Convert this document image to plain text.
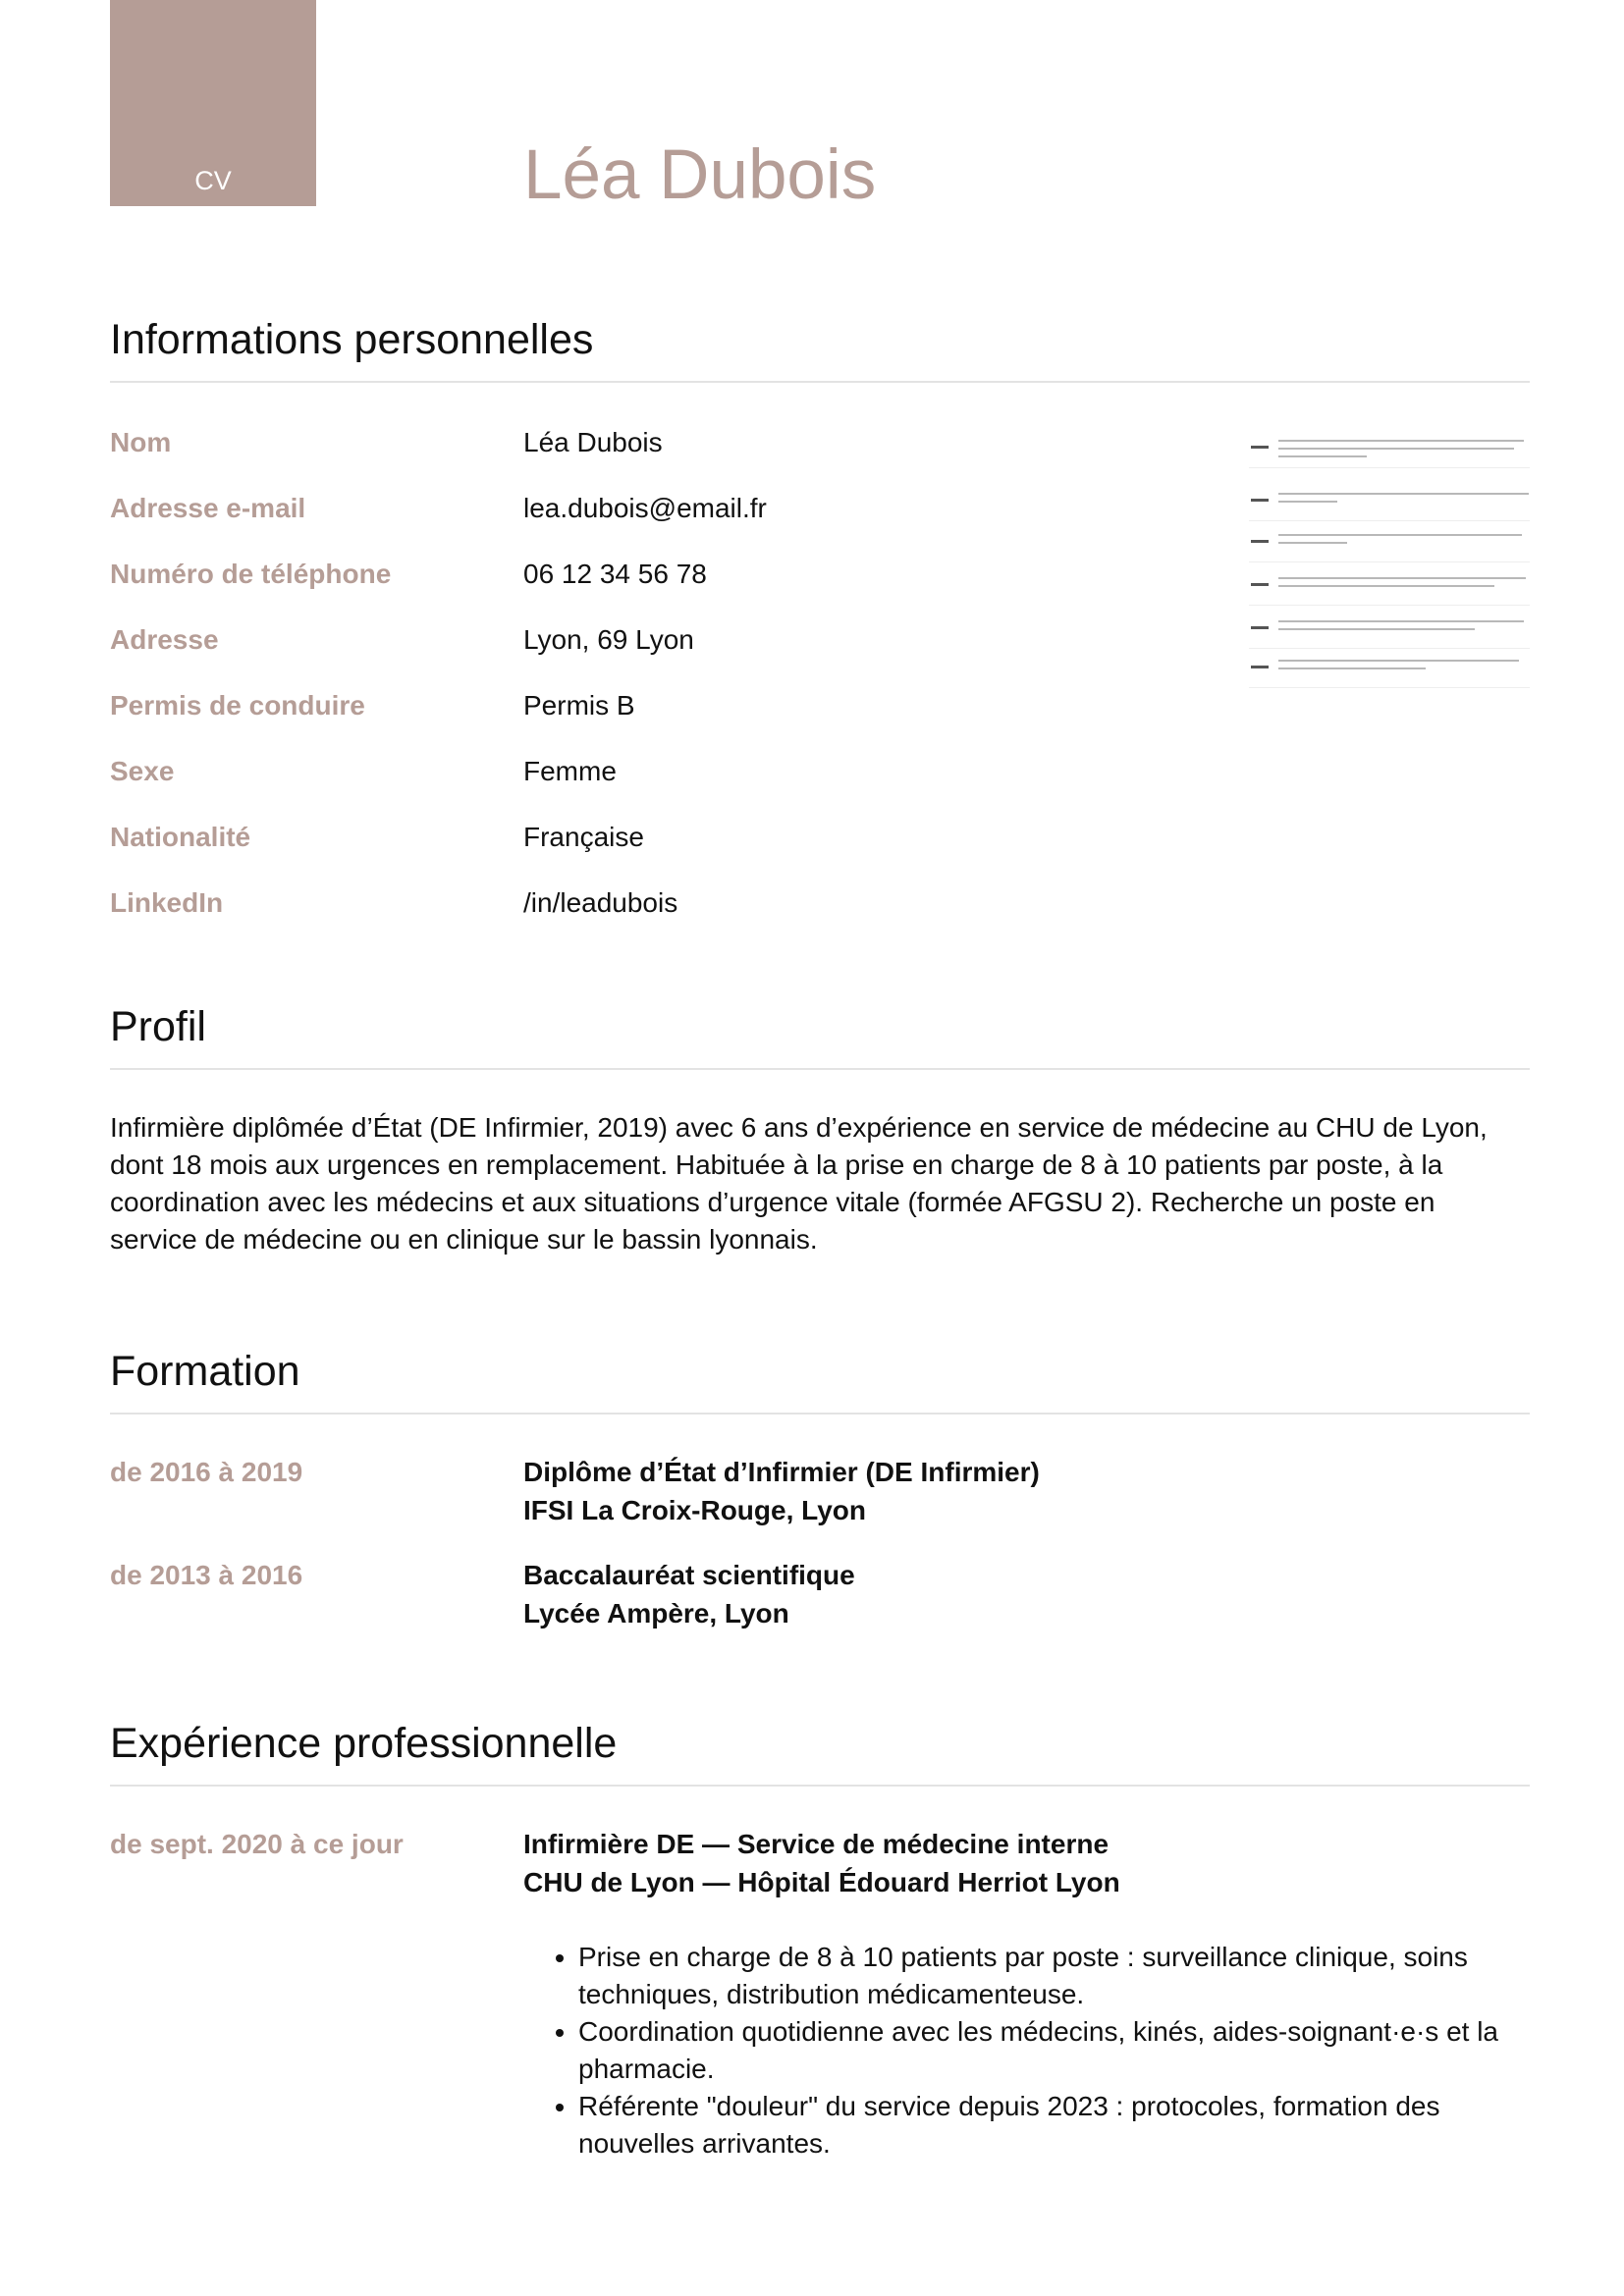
CV	Léa Dubois
Informations personnelles
Nom	Léa Dubois
Adresse e-mail	lea.dubois@email.fr
Numéro de téléphone	06 12 34 56 78
Adresse	Lyon, 69 Lyon
Permis de conduire	Permis B
Sexe	Femme
Nationalité	Française
LinkedIn	/in/leadubois
Profil

Infirmière diplômée d’État (DE Infirmier, 2019) avec 6 ans d’expérience en service de médecine au CHU de Lyon, dont 18 mois aux urgences en remplacement. Habituée à la prise en charge de 8 à 10 patients par poste, à la coordination avec les médecins et aux situations d’urgence vitale (formée AFGSU 2). Recherche un poste en service de médecine ou en clinique sur le bassin lyonnais.

Formation
de 2016 à 2019	Diplôme d’État d’Infirmier (DE Infirmier)
IFSI La Croix-Rouge, Lyon
de 2013 à 2016	Baccalauréat scientifique
Lycée Ampère, Lyon
Expérience professionnelle
de sept. 2020 à ce jour	Infirmière DE — Service de médecine interne
CHU de Lyon — Hôpital Édouard Herriot Lyon
• Prise en charge de 8 à 10 patients par poste : surveillance clinique, soins techniques, distribution médicamenteuse.
• Coordination quotidienne avec les médecins, kinés, aides-soignant·e·s et la pharmacie.
• Référente "douleur" du service depuis 2023 : protocoles, formation des nouvelles arrivantes.
